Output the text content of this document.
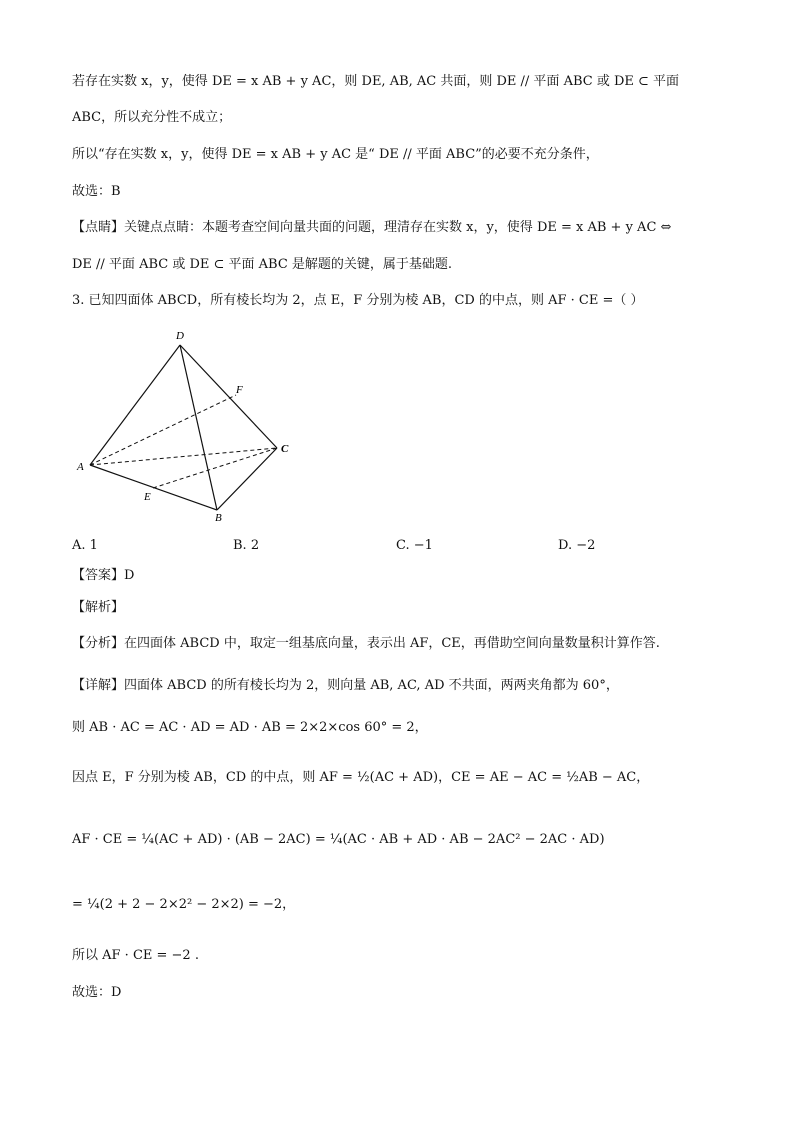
若存在实数 x，y，使得 DE = x AB + y AC，则 DE, AB, AC 共面，则 DE // 平面 ABC 或 DE ⊂ 平面
ABC，所以充分性不成立；
所以“存在实数 x，y，使得 DE = x AB + y AC 是“ DE // 平面 ABC”的必要不充分条件，
故选：B
【点睛】关键点点睛：本题考查空间向量共面的问题，理清存在实数 x，y，使得 DE = x AB + y AC ⇔
DE // 平面 ABC 或 DE ⊂ 平面 ABC 是解题的关键，属于基础题.
3. 已知四面体 ABCD，所有棱长均为 2，点 E，F 分别为棱 AB，CD 的中点，则 AF · CE =（ ）
D
A
B
C
E
F
A. 1	B. 2	C. −1	D. −2
【答案】D
【解析】
【分析】在四面体 ABCD 中，取定一组基底向量，表示出 AF，CE，再借助空间向量数量积计算作答.
【详解】四面体 ABCD 的所有棱长均为 2，则向量 AB, AC, AD 不共面，两两夹角都为 60°，
则 AB · AC = AC · AD = AD · AB = 2×2×cos 60° = 2，
因点 E，F 分别为棱 AB，CD 的中点，则 AF = ½(AC + AD)，CE = AE − AC = ½AB − AC，
AF · CE = ¼(AC + AD) · (AB − 2AC) = ¼(AC · AB + AD · AB − 2AC² − 2AC · AD)
= ¼(2 + 2 − 2×2² − 2×2) = −2，
所以 AF · CE = −2 .
故选：D
